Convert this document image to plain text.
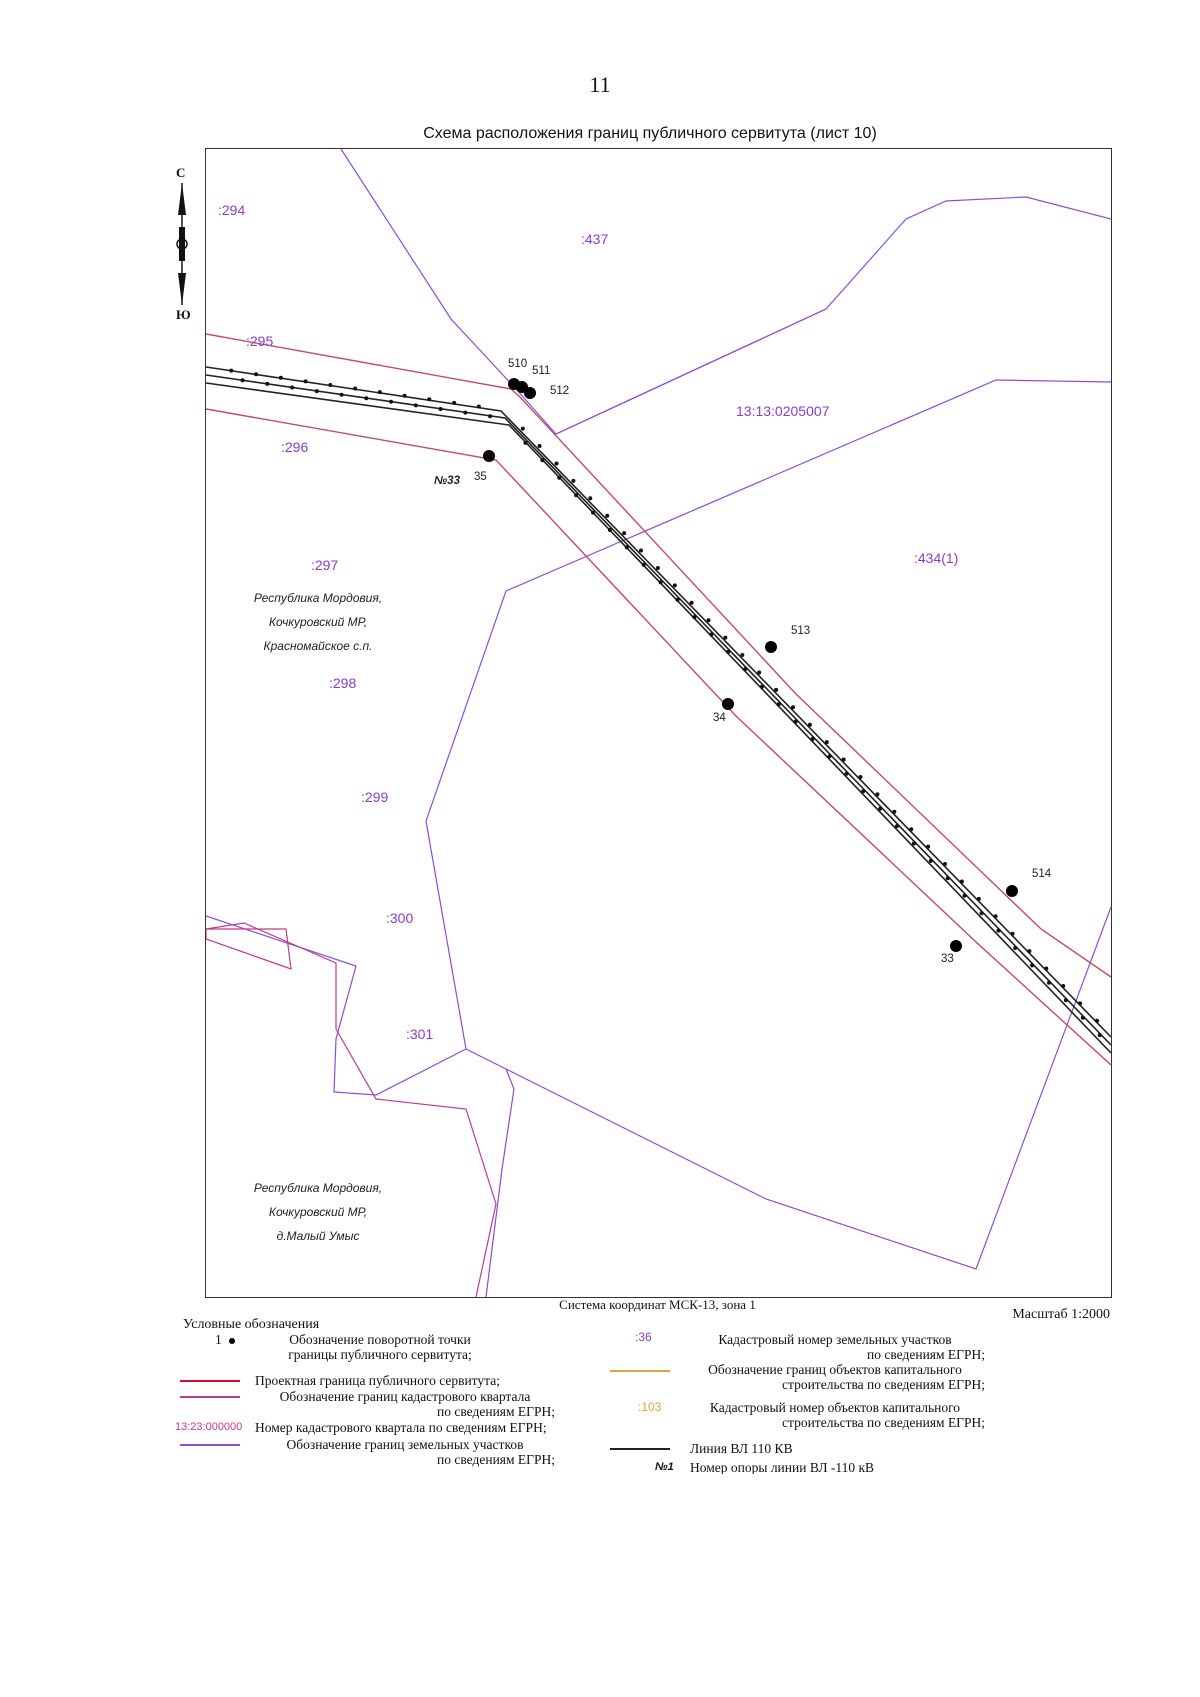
11
Схема расположения границ публичного сервитута (лист 10)
С
Ю
510
511
512
513
514
35
34
33
№33
:294
:437
:295
:296
:297
:298
:299
:300
:301
:434(1)
13:13:0205007
Республика Мордовия,
Кочкуровский МР,
Красномайское с.п.
Республика Мордовия,
Кочкуровский МР,
д.Малый Умыс
Система координат МСК-13, зона 1
Масштаб 1:2000
Условные обозначения
1	Обозначение поворотной точки
границы публичного сервитута;
Проектная граница публичного сервитута;
Обозначение границ кадастрового квартала
по сведениям ЕГРН;
13:23:000000 Номер кадастрового квартала по сведениям ЕГРН;
Обозначение границ земельных участков
по сведениям ЕГРН;
:36	Кадастровый номер земельных участков
по сведениям ЕГРН;
Обозначение границ объектов капитального
строительства по сведениям ЕГРН;
:103	Кадастровый номер объектов капитального
строительства по сведениям ЕГРН;
Линия ВЛ 110 КВ
№1 Номер опоры линии ВЛ -110 кВ
